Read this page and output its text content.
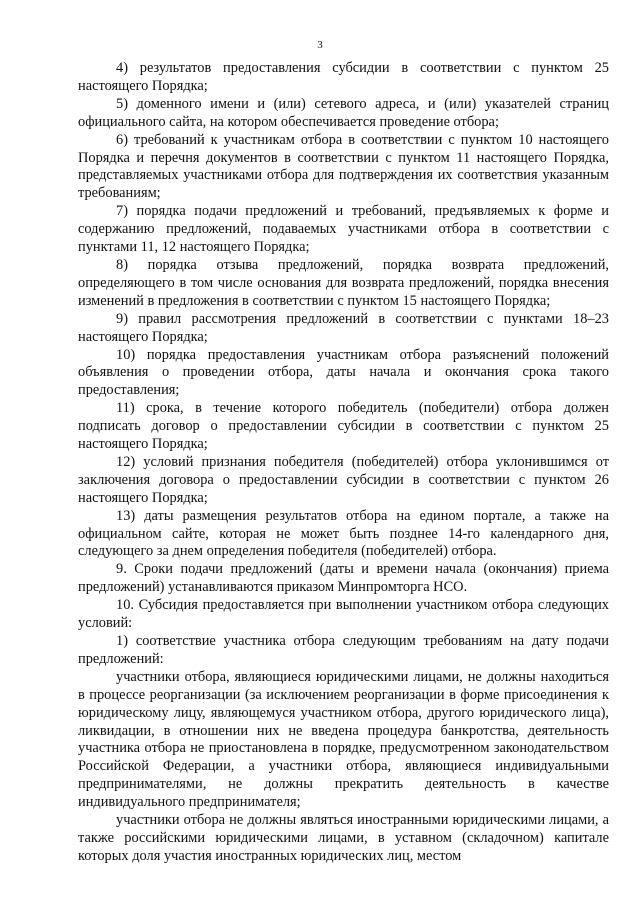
3

4) результатов предоставления субсидии в соответствии с пунктом 25 настоящего Порядка;

5) доменного имени и (или) сетевого адреса, и (или) указателей страниц официального сайта, на котором обеспечивается проведение отбора;

6) требований к участникам отбора в соответствии с пунктом 10 настоящего Порядка и перечня документов в соответствии с пунктом 11 настоящего Порядка, представляемых участниками отбора для подтверждения их соответствия указанным требованиям;

7) порядка подачи предложений и требований, предъявляемых к форме и содержанию предложений, подаваемых участниками отбора в соответствии с пунктами 11, 12 настоящего Порядка;

8) порядка отзыва предложений, порядка возврата предложений, определяющего в том числе основания для возврата предложений, порядка внесения изменений в предложения в соответствии с пунктом 15 настоящего Порядка;

9) правил рассмотрения предложений в соответствии с пунктами 18–23 настоящего Порядка;

10) порядка предоставления участникам отбора разъяснений положений объявления о проведении отбора, даты начала и окончания срока такого предоставления;

11) срока, в течение которого победитель (победители) отбора должен подписать договор о предоставлении субсидии в соответствии с пунктом 25 настоящего Порядка;

12) условий признания победителя (победителей) отбора уклонившимся от заключения договора о предоставлении субсидии в соответствии с пунктом 26 настоящего Порядка;

13) даты размещения результатов отбора на едином портале, а также на официальном сайте, которая не может быть позднее 14-го календарного дня, следующего за днем определения победителя (победителей) отбора.

9. Сроки подачи предложений (даты и времени начала (окончания) приема предложений) устанавливаются приказом Минпромторга НСО.

10. Субсидия предоставляется при выполнении участником отбора следующих условий:

1) соответствие участника отбора следующим требованиям на дату подачи предложений:

участники отбора, являющиеся юридическими лицами, не должны находиться в процессе реорганизации (за исключением реорганизации в форме присоединения к юридическому лицу, являющемуся участником отбора, другого юридического лица), ликвидации, в отношении них не введена процедура банкротства, деятельность участника отбора не приостановлена в порядке, предусмотренном законодательством Российской Федерации, а участники отбора, являющиеся индивидуальными предпринимателями, не должны прекратить деятельность в качестве индивидуального предпринимателя;

участники отбора не должны являться иностранными юридическими лицами, а также российскими юридическими лицами, в уставном (складочном) капитале которых доля участия иностранных юридических лиц, местом
